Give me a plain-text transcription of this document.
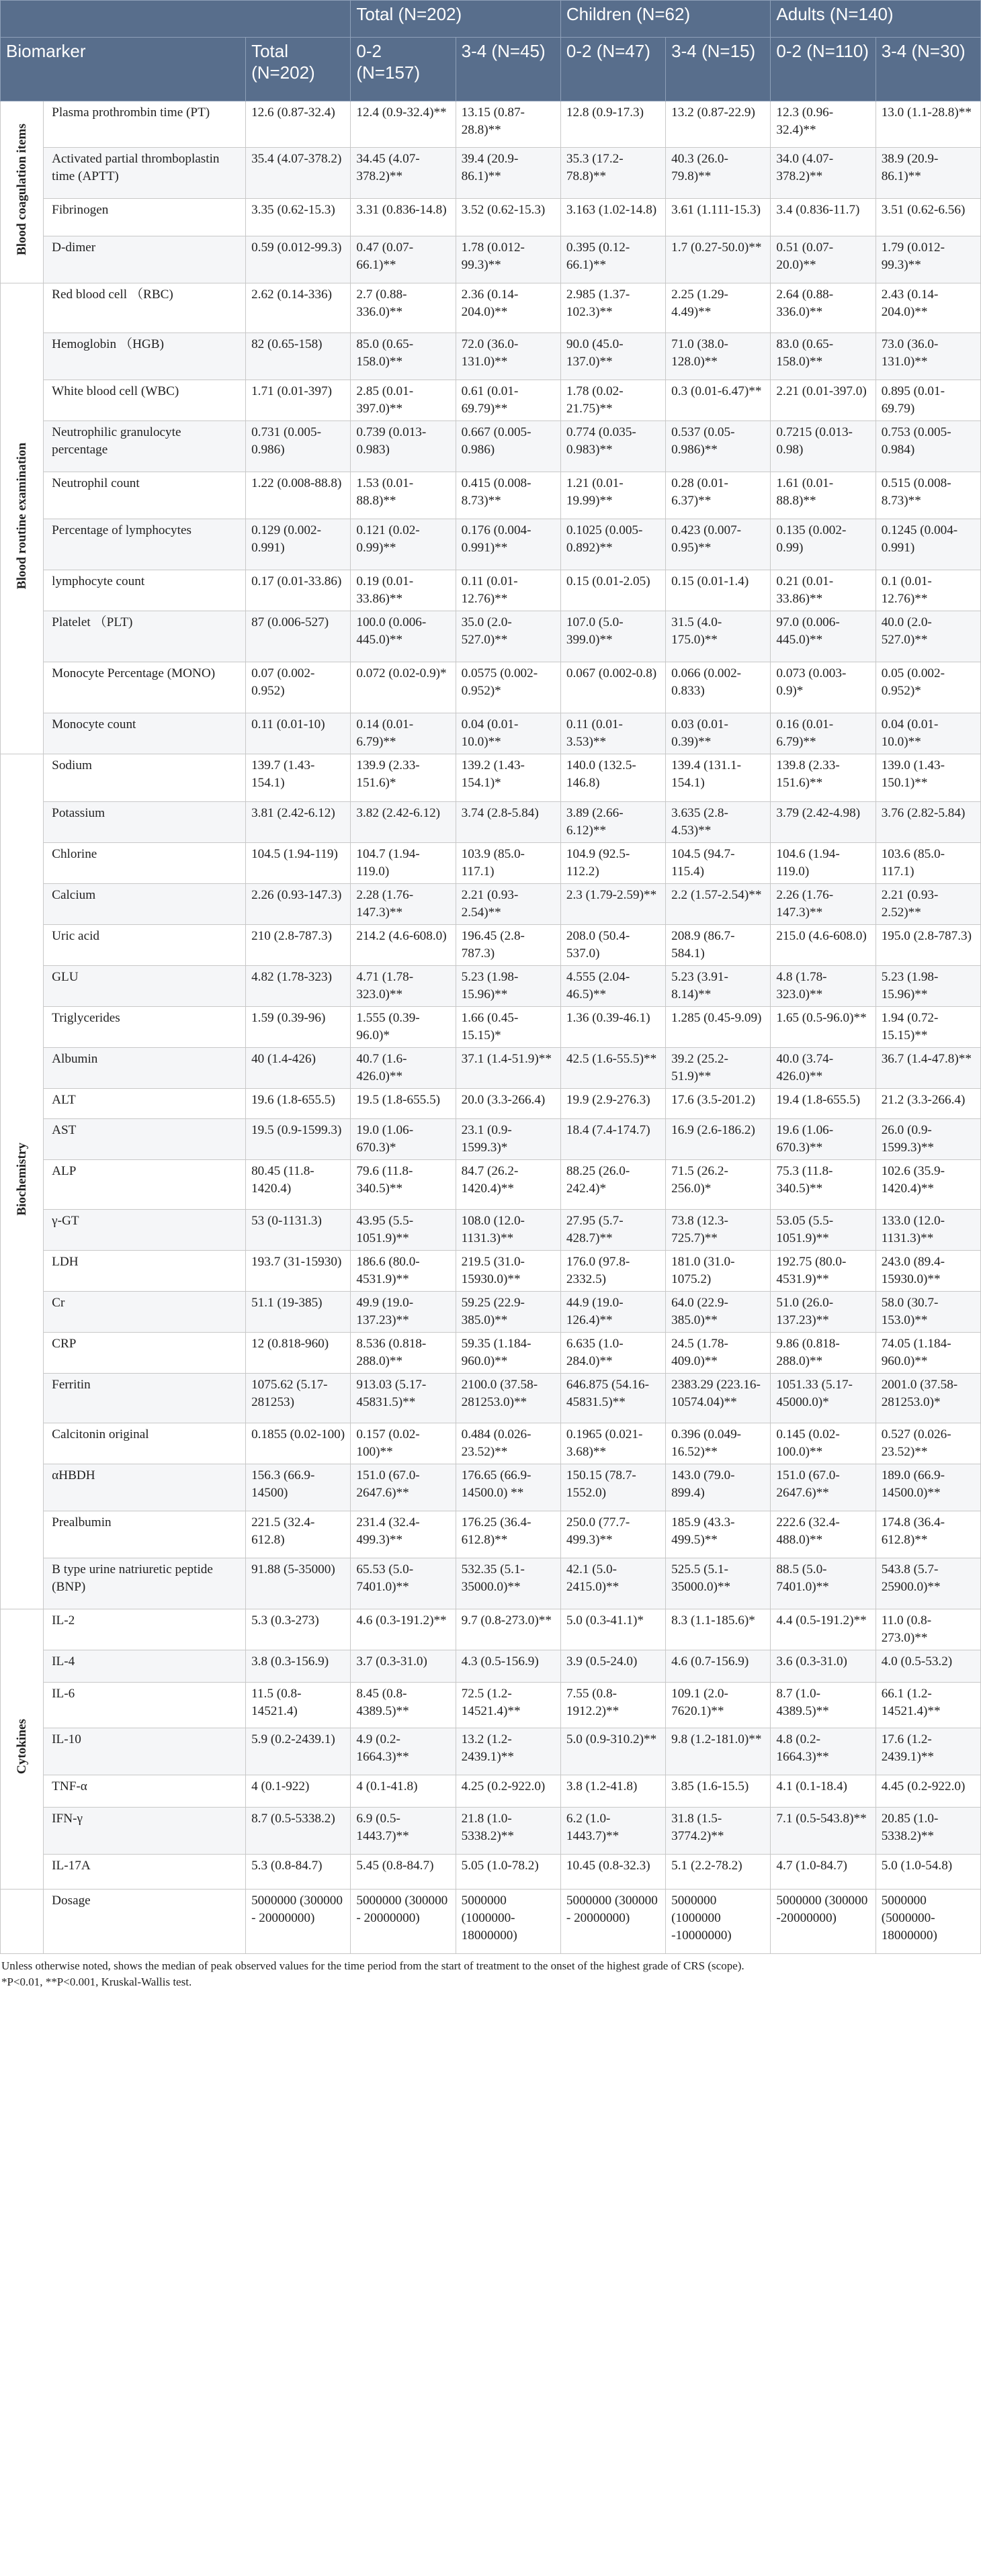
			Total (N=202)		Children (N=62)		Adults (N=140)	
Biomarker		Total (N=202)	0-2 (N=157)	3-4 (N=45)	0-2 (N=47)	3-4 (N=15)	0-2 (N=110)	3-4 (N=30)
Blood coagulation items	Plasma prothrombin time (PT)	12.6 (0.87-32.4)	12.4 (0.9-32.4)**	13.15 (0.87-28.8)**	12.8 (0.9-17.3)	13.2 (0.87-22.9)	12.3 (0.96-32.4)**	13.0 (1.1-28.8)**
	Activated partial thromboplastin time (APTT)	35.4 (4.07-378.2)	34.45 (4.07-378.2)**	39.4 (20.9-86.1)**	35.3 (17.2-78.8)**	40.3 (26.0-79.8)**	34.0 (4.07-378.2)**	38.9 (20.9-86.1)**
	Fibrinogen	3.35 (0.62-15.3)	3.31 (0.836-14.8)	3.52 (0.62-15.3)	3.163 (1.02-14.8)	3.61 (1.111-15.3)	3.4 (0.836-11.7)	3.51 (0.62-6.56)
	D-dimer	0.59 (0.012-99.3)	0.47 (0.07-66.1)**	1.78 (0.012-99.3)**	0.395 (0.12-66.1)**	1.7 (0.27-50.0)**	0.51 (0.07-20.0)**	1.79 (0.012-99.3)**
Blood routine examination	Red blood cell （RBC)	2.62 (0.14-336)	2.7 (0.88-336.0)**	2.36 (0.14-204.0)**	2.985 (1.37-102.3)**	2.25 (1.29-4.49)**	2.64 (0.88-336.0)**	2.43 (0.14-204.0)**
	Hemoglobin （HGB)	82 (0.65-158)	85.0 (0.65-158.0)**	72.0 (36.0-131.0)**	90.0 (45.0-137.0)**	71.0 (38.0-128.0)**	83.0 (0.65-158.0)**	73.0 (36.0-131.0)**
	White blood cell (WBC)	1.71 (0.01-397)	2.85 (0.01-397.0)**	0.61 (0.01-69.79)**	1.78 (0.02-21.75)**	0.3 (0.01-6.47)**	2.21 (0.01-397.0)	0.895 (0.01-69.79)
	Neutrophilic granulocyte percentage	0.731 (0.005-0.986)	0.739 (0.013-0.983)	0.667 (0.005-0.986)	0.774 (0.035-0.983)**	0.537 (0.05-0.986)**	0.7215 (0.013-0.98)	0.753 (0.005-0.984)
	Neutrophil count	1.22 (0.008-88.8)	1.53 (0.01-88.8)**	0.415 (0.008-8.73)**	1.21 (0.01-19.99)**	0.28 (0.01-6.37)**	1.61 (0.01-88.8)**	0.515 (0.008-8.73)**
	Percentage of lymphocytes	0.129 (0.002-0.991)	0.121 (0.02-0.99)**	0.176 (0.004-0.991)**	0.1025 (0.005-0.892)**	0.423 (0.007-0.95)**	0.135 (0.002-0.99)	0.1245 (0.004-0.991)
	lymphocyte count	0.17 (0.01-33.86)	0.19 (0.01-33.86)**	0.11 (0.01-12.76)**	0.15 (0.01-2.05)	0.15 (0.01-1.4)	0.21 (0.01-33.86)**	0.1 (0.01-12.76)**
	Platelet （PLT)	87 (0.006-527)	100.0 (0.006-445.0)**	35.0 (2.0-527.0)**	107.0 (5.0-399.0)**	31.5 (4.0-175.0)**	97.0 (0.006-445.0)**	40.0 (2.0-527.0)**
	Monocyte Percentage (MONO)	0.07 (0.002-0.952)	0.072 (0.02-0.9)*	0.0575 (0.002-0.952)*	0.067 (0.002-0.8)	0.066 (0.002-0.833)	0.073 (0.003-0.9)*	0.05 (0.002-0.952)*
	Monocyte count	0.11 (0.01-10)	0.14 (0.01-6.79)**	0.04 (0.01-10.0)**	0.11 (0.01-3.53)**	0.03 (0.01-0.39)**	0.16 (0.01-6.79)**	0.04 (0.01-10.0)**
Biochemistry	Sodium	139.7 (1.43-154.1)	139.9 (2.33-151.6)*	139.2 (1.43-154.1)*	140.0 (132.5-146.8)	139.4 (131.1-154.1)	139.8 (2.33-151.6)**	139.0 (1.43-150.1)**
	Potassium	3.81 (2.42-6.12)	3.82 (2.42-6.12)	3.74 (2.8-5.84)	3.89 (2.66-6.12)**	3.635 (2.8-4.53)**	3.79 (2.42-4.98)	3.76 (2.82-5.84)
	Chlorine	104.5 (1.94-119)	104.7 (1.94-119.0)	103.9 (85.0-117.1)	104.9 (92.5-112.2)	104.5 (94.7-115.4)	104.6 (1.94-119.0)	103.6 (85.0-117.1)
	Calcium	2.26 (0.93-147.3)	2.28 (1.76-147.3)**	2.21 (0.93-2.54)**	2.3 (1.79-2.59)**	2.2 (1.57-2.54)**	2.26 (1.76-147.3)**	2.21 (0.93-2.52)**
	Uric acid	210 (2.8-787.3)	214.2 (4.6-608.0)	196.45 (2.8-787.3)	208.0 (50.4-537.0)	208.9 (86.7-584.1)	215.0 (4.6-608.0)	195.0 (2.8-787.3)
	GLU	4.82 (1.78-323)	4.71 (1.78-323.0)**	5.23 (1.98-15.96)**	4.555 (2.04-46.5)**	5.23 (3.91-8.14)**	4.8 (1.78-323.0)**	5.23 (1.98-15.96)**
	Triglycerides	1.59 (0.39-96)	1.555 (0.39-96.0)*	1.66 (0.45-15.15)*	1.36 (0.39-46.1)	1.285 (0.45-9.09)	1.65 (0.5-96.0)**	1.94 (0.72-15.15)**
	Albumin	40 (1.4-426)	40.7 (1.6-426.0)**	37.1 (1.4-51.9)**	42.5 (1.6-55.5)**	39.2 (25.2-51.9)**	40.0 (3.74-426.0)**	36.7 (1.4-47.8)**
	ALT	19.6 (1.8-655.5)	19.5 (1.8-655.5)	20.0 (3.3-266.4)	19.9 (2.9-276.3)	17.6 (3.5-201.2)	19.4 (1.8-655.5)	21.2 (3.3-266.4)
	AST	19.5 (0.9-1599.3)	19.0 (1.06-670.3)*	23.1 (0.9-1599.3)*	18.4 (7.4-174.7)	16.9 (2.6-186.2)	19.6 (1.06-670.3)**	26.0 (0.9-1599.3)**
	ALP	80.45 (11.8-1420.4)	79.6 (11.8-340.5)**	84.7 (26.2-1420.4)**	88.25 (26.0-242.4)*	71.5 (26.2-256.0)*	75.3 (11.8-340.5)**	102.6 (35.9-1420.4)**
	γ-GT	53 (0-1131.3)	43.95 (5.5-1051.9)**	108.0 (12.0-1131.3)**	27.95 (5.7-428.7)**	73.8 (12.3-725.7)**	53.05 (5.5-1051.9)**	133.0 (12.0-1131.3)**
	LDH	193.7 (31-15930)	186.6 (80.0-4531.9)**	219.5 (31.0-15930.0)**	176.0 (97.8-2332.5)	181.0 (31.0-1075.2)	192.75 (80.0-4531.9)**	243.0 (89.4-15930.0)**
	Cr	51.1 (19-385)	49.9 (19.0-137.23)**	59.25 (22.9-385.0)**	44.9 (19.0-126.4)**	64.0 (22.9-385.0)**	51.0 (26.0-137.23)**	58.0 (30.7-153.0)**
	CRP	12 (0.818-960)	8.536 (0.818-288.0)**	59.35 (1.184-960.0)**	6.635 (1.0-284.0)**	24.5 (1.78-409.0)**	9.86 (0.818-288.0)**	74.05 (1.184-960.0)**
	Ferritin	1075.62 (5.17-281253)	913.03 (5.17-45831.5)**	2100.0 (37.58-281253.0)**	646.875 (54.16-45831.5)**	2383.29 (223.16-10574.04)**	1051.33 (5.17-45000.0)*	2001.0 (37.58-281253.0)*
	Calcitonin original	0.1855 (0.02-100)	0.157 (0.02-100)**	0.484 (0.026-23.52)**	0.1965 (0.021-3.68)**	0.396 (0.049-16.52)**	0.145 (0.02-100.0)**	0.527 (0.026-23.52)**
	αHBDH	156.3 (66.9-14500)	151.0 (67.0-2647.6)**	176.65 (66.9-14500.0) **	150.15 (78.7-1552.0)	143.0 (79.0-899.4)	151.0 (67.0-2647.6)**	189.0 (66.9-14500.0)**
	Prealbumin	221.5 (32.4-612.8)	231.4 (32.4-499.3)**	176.25 (36.4-612.8)**	250.0 (77.7-499.3)**	185.9 (43.3-499.5)**	222.6 (32.4-488.0)**	174.8 (36.4-612.8)**
	B type urine natriuretic peptide (BNP)	91.88 (5-35000)	65.53 (5.0-7401.0)**	532.35 (5.1-35000.0)**	42.1 (5.0-2415.0)**	525.5 (5.1-35000.0)**	88.5 (5.0-7401.0)**	543.8 (5.7-25900.0)**
Cytokines	IL-2	5.3 (0.3-273)	4.6 (0.3-191.2)**	9.7 (0.8-273.0)**	5.0 (0.3-41.1)*	8.3 (1.1-185.6)*	4.4 (0.5-191.2)**	11.0 (0.8-273.0)**
	IL-4	3.8 (0.3-156.9)	3.7 (0.3-31.0)	4.3 (0.5-156.9)	3.9 (0.5-24.0)	4.6 (0.7-156.9)	3.6 (0.3-31.0)	4.0 (0.5-53.2)
	IL-6	11.5 (0.8-14521.4)	8.45 (0.8-4389.5)**	72.5 (1.2-14521.4)**	7.55 (0.8-1912.2)**	109.1 (2.0-7620.1)**	8.7 (1.0-4389.5)**	66.1 (1.2-14521.4)**
	IL-10	5.9 (0.2-2439.1)	4.9 (0.2-1664.3)**	13.2 (1.2-2439.1)**	5.0 (0.9-310.2)**	9.8 (1.2-181.0)**	4.8 (0.2-1664.3)**	17.6 (1.2-2439.1)**
	TNF-α	4 (0.1-922)	4 (0.1-41.8)	4.25 (0.2-922.0)	3.8 (1.2-41.8)	3.85 (1.6-15.5)	4.1 (0.1-18.4)	4.45 (0.2-922.0)
	IFN-γ	8.7 (0.5-5338.2)	6.9 (0.5-1443.7)**	21.8 (1.0-5338.2)**	6.2 (1.0-1443.7)**	31.8 (1.5-3774.2)**	7.1 (0.5-543.8)**	20.85 (1.0-5338.2)**
	IL-17A	5.3 (0.8-84.7)	5.45 (0.8-84.7)	5.05 (1.0-78.2)	10.45 (0.8-32.3)	5.1 (2.2-78.2)	4.7 (1.0-84.7)	5.0 (1.0-54.8)
	Dosage	5000000 (300000 - 20000000)	5000000 (300000 - 20000000)	5000000 (1000000-18000000)	5000000 (300000 - 20000000)	5000000 (1000000 -10000000)	5000000 (300000 -20000000)	5000000 (5000000-18000000)
Unless otherwise noted, shows the median of peak observed values for the time period from the start of treatment to the onset of the highest grade of CRS (scope).
*P<0.01, **P<0.001, Kruskal-Wallis test.
